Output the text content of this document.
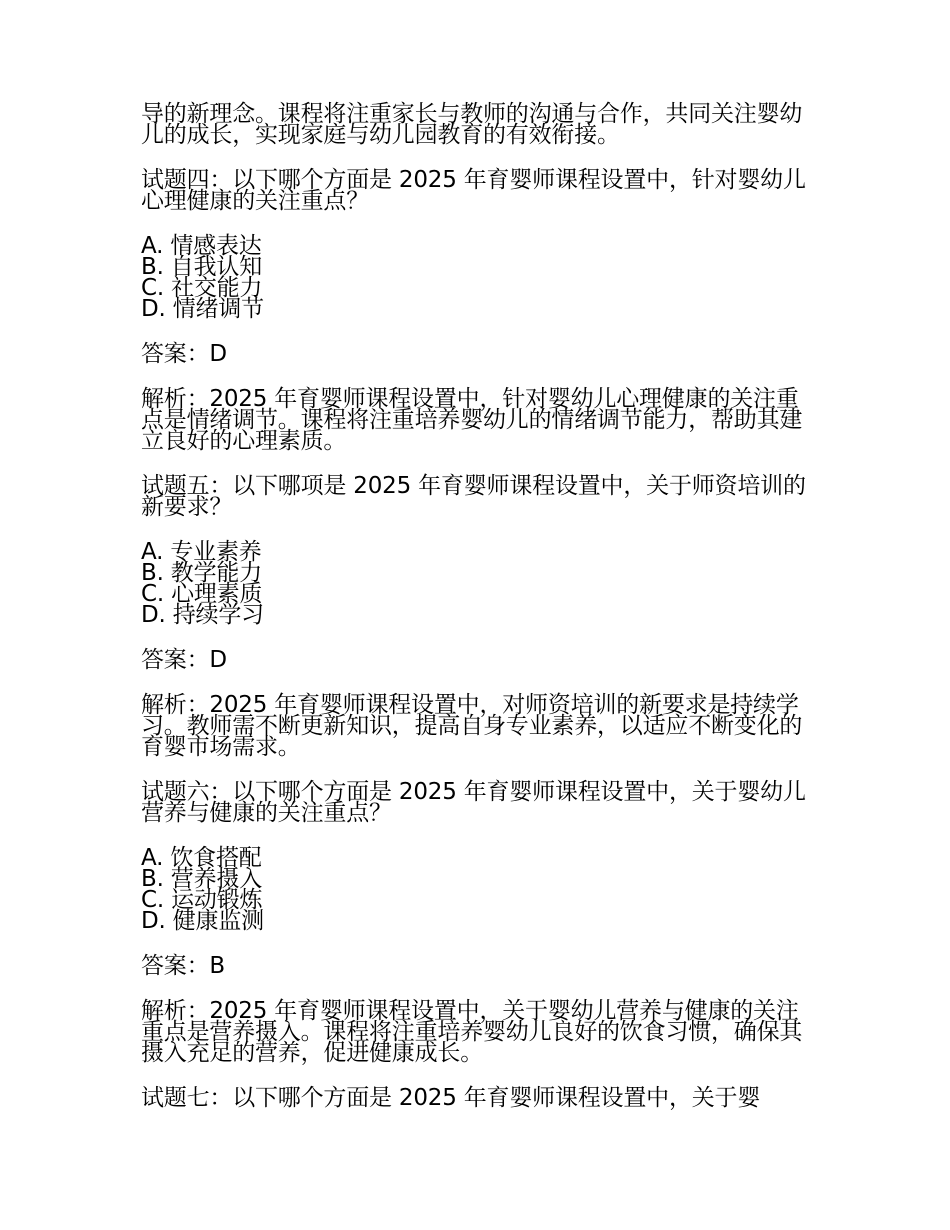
导的新理念。课程将注重家长与教师的沟通与合作，共同关注婴幼儿的成长，实现家庭与幼儿园教育的有效衔接。

试题四：以下哪个方面是 2025 年育婴师课程设置中，针对婴幼儿心理健康的关注重点？

A. 情感表达
B. 自我认知
C. 社交能力
D. 情绪调节

答案：D

解析：2025 年育婴师课程设置中，针对婴幼儿心理健康的关注重点是情绪调节。课程将注重培养婴幼儿的情绪调节能力，帮助其建立良好的心理素质。

试题五：以下哪项是 2025 年育婴师课程设置中，关于师资培训的新要求？

A. 专业素养
B. 教学能力
C. 心理素质
D. 持续学习

答案：D

解析：2025 年育婴师课程设置中，对师资培训的新要求是持续学习。教师需不断更新知识，提高自身专业素养，以适应不断变化的育婴市场需求。

试题六：以下哪个方面是 2025 年育婴师课程设置中，关于婴幼儿营养与健康的关注重点？

A. 饮食搭配
B. 营养摄入
C. 运动锻炼
D. 健康监测

答案：B

解析：2025 年育婴师课程设置中，关于婴幼儿营养与健康的关注重点是营养摄入。课程将注重培养婴幼儿良好的饮食习惯，确保其摄入充足的营养，促进健康成长。

试题七：以下哪个方面是 2025 年育婴师课程设置中，关于婴
